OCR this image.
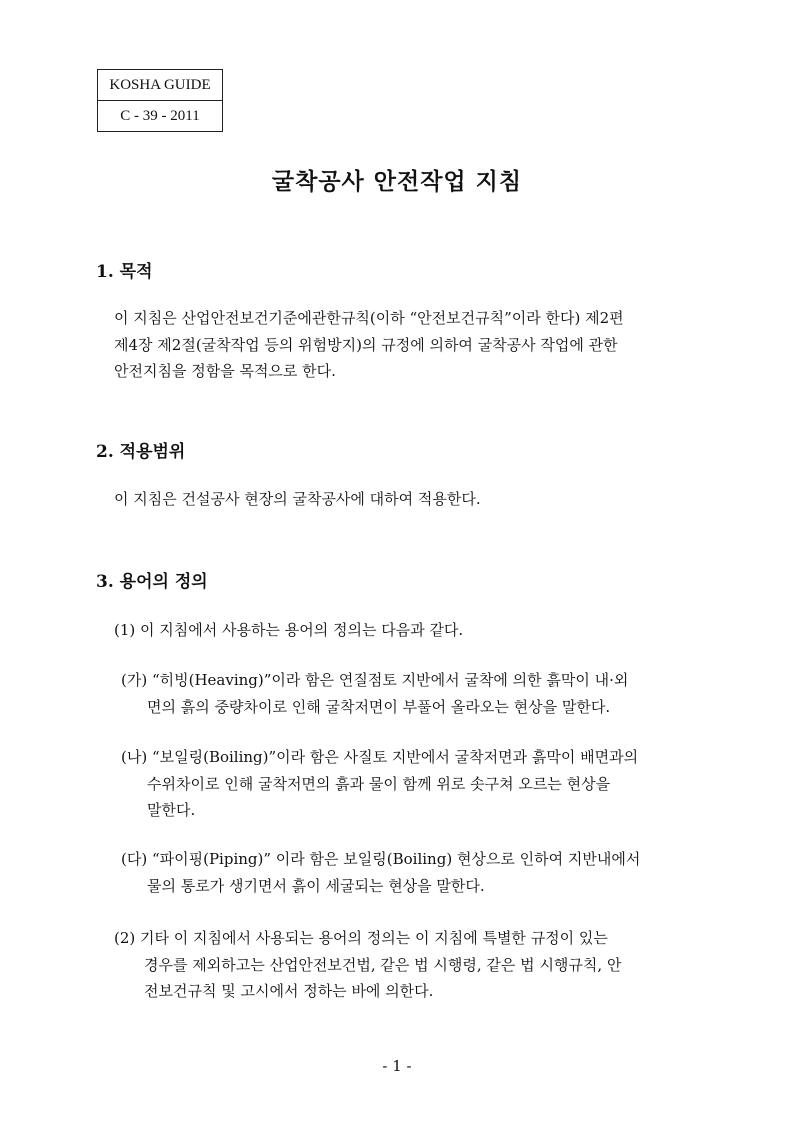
KOSHA GUIDE
C - 39 - 2011
굴착공사 안전작업 지침
1. 목적
이 지침은 산업안전보건기준에관한규칙(이하 “안전보건규칙”이라 한다) 제2편
제4장 제2절(굴착작업 등의 위험방지)의 규정에 의하여 굴착공사 작업에 관한
안전지침을 정함을 목적으로 한다.
2. 적용범위
이 지침은 건설공사 현장의 굴착공사에 대하여 적용한다.
3. 용어의 정의
(1) 이 지침에서 사용하는 용어의 정의는 다음과 같다.
(가) “히빙(Heaving)”이라 함은 연질점토 지반에서 굴착에 의한 흙막이 내·외
면의 흙의 중량차이로 인해 굴착저면이 부풀어 올라오는 현상을 말한다.
(나) “보일링(Boiling)”이라 함은 사질토 지반에서 굴착저면과 흙막이 배면과의
수위차이로 인해 굴착저면의 흙과 물이 함께 위로 솟구쳐 오르는 현상을
말한다.
(다) “파이핑(Piping)” 이라 함은 보일링(Boiling) 현상으로 인하여 지반내에서
물의 통로가 생기면서 흙이 세굴되는 현상을 말한다.
(2) 기타 이 지침에서 사용되는 용어의 정의는 이 지침에 특별한 규정이 있는
경우를 제외하고는 산업안전보건법, 같은 법 시행령, 같은 법 시행규칙, 안
전보건규칙 및 고시에서 정하는 바에 의한다.
- 1 -
